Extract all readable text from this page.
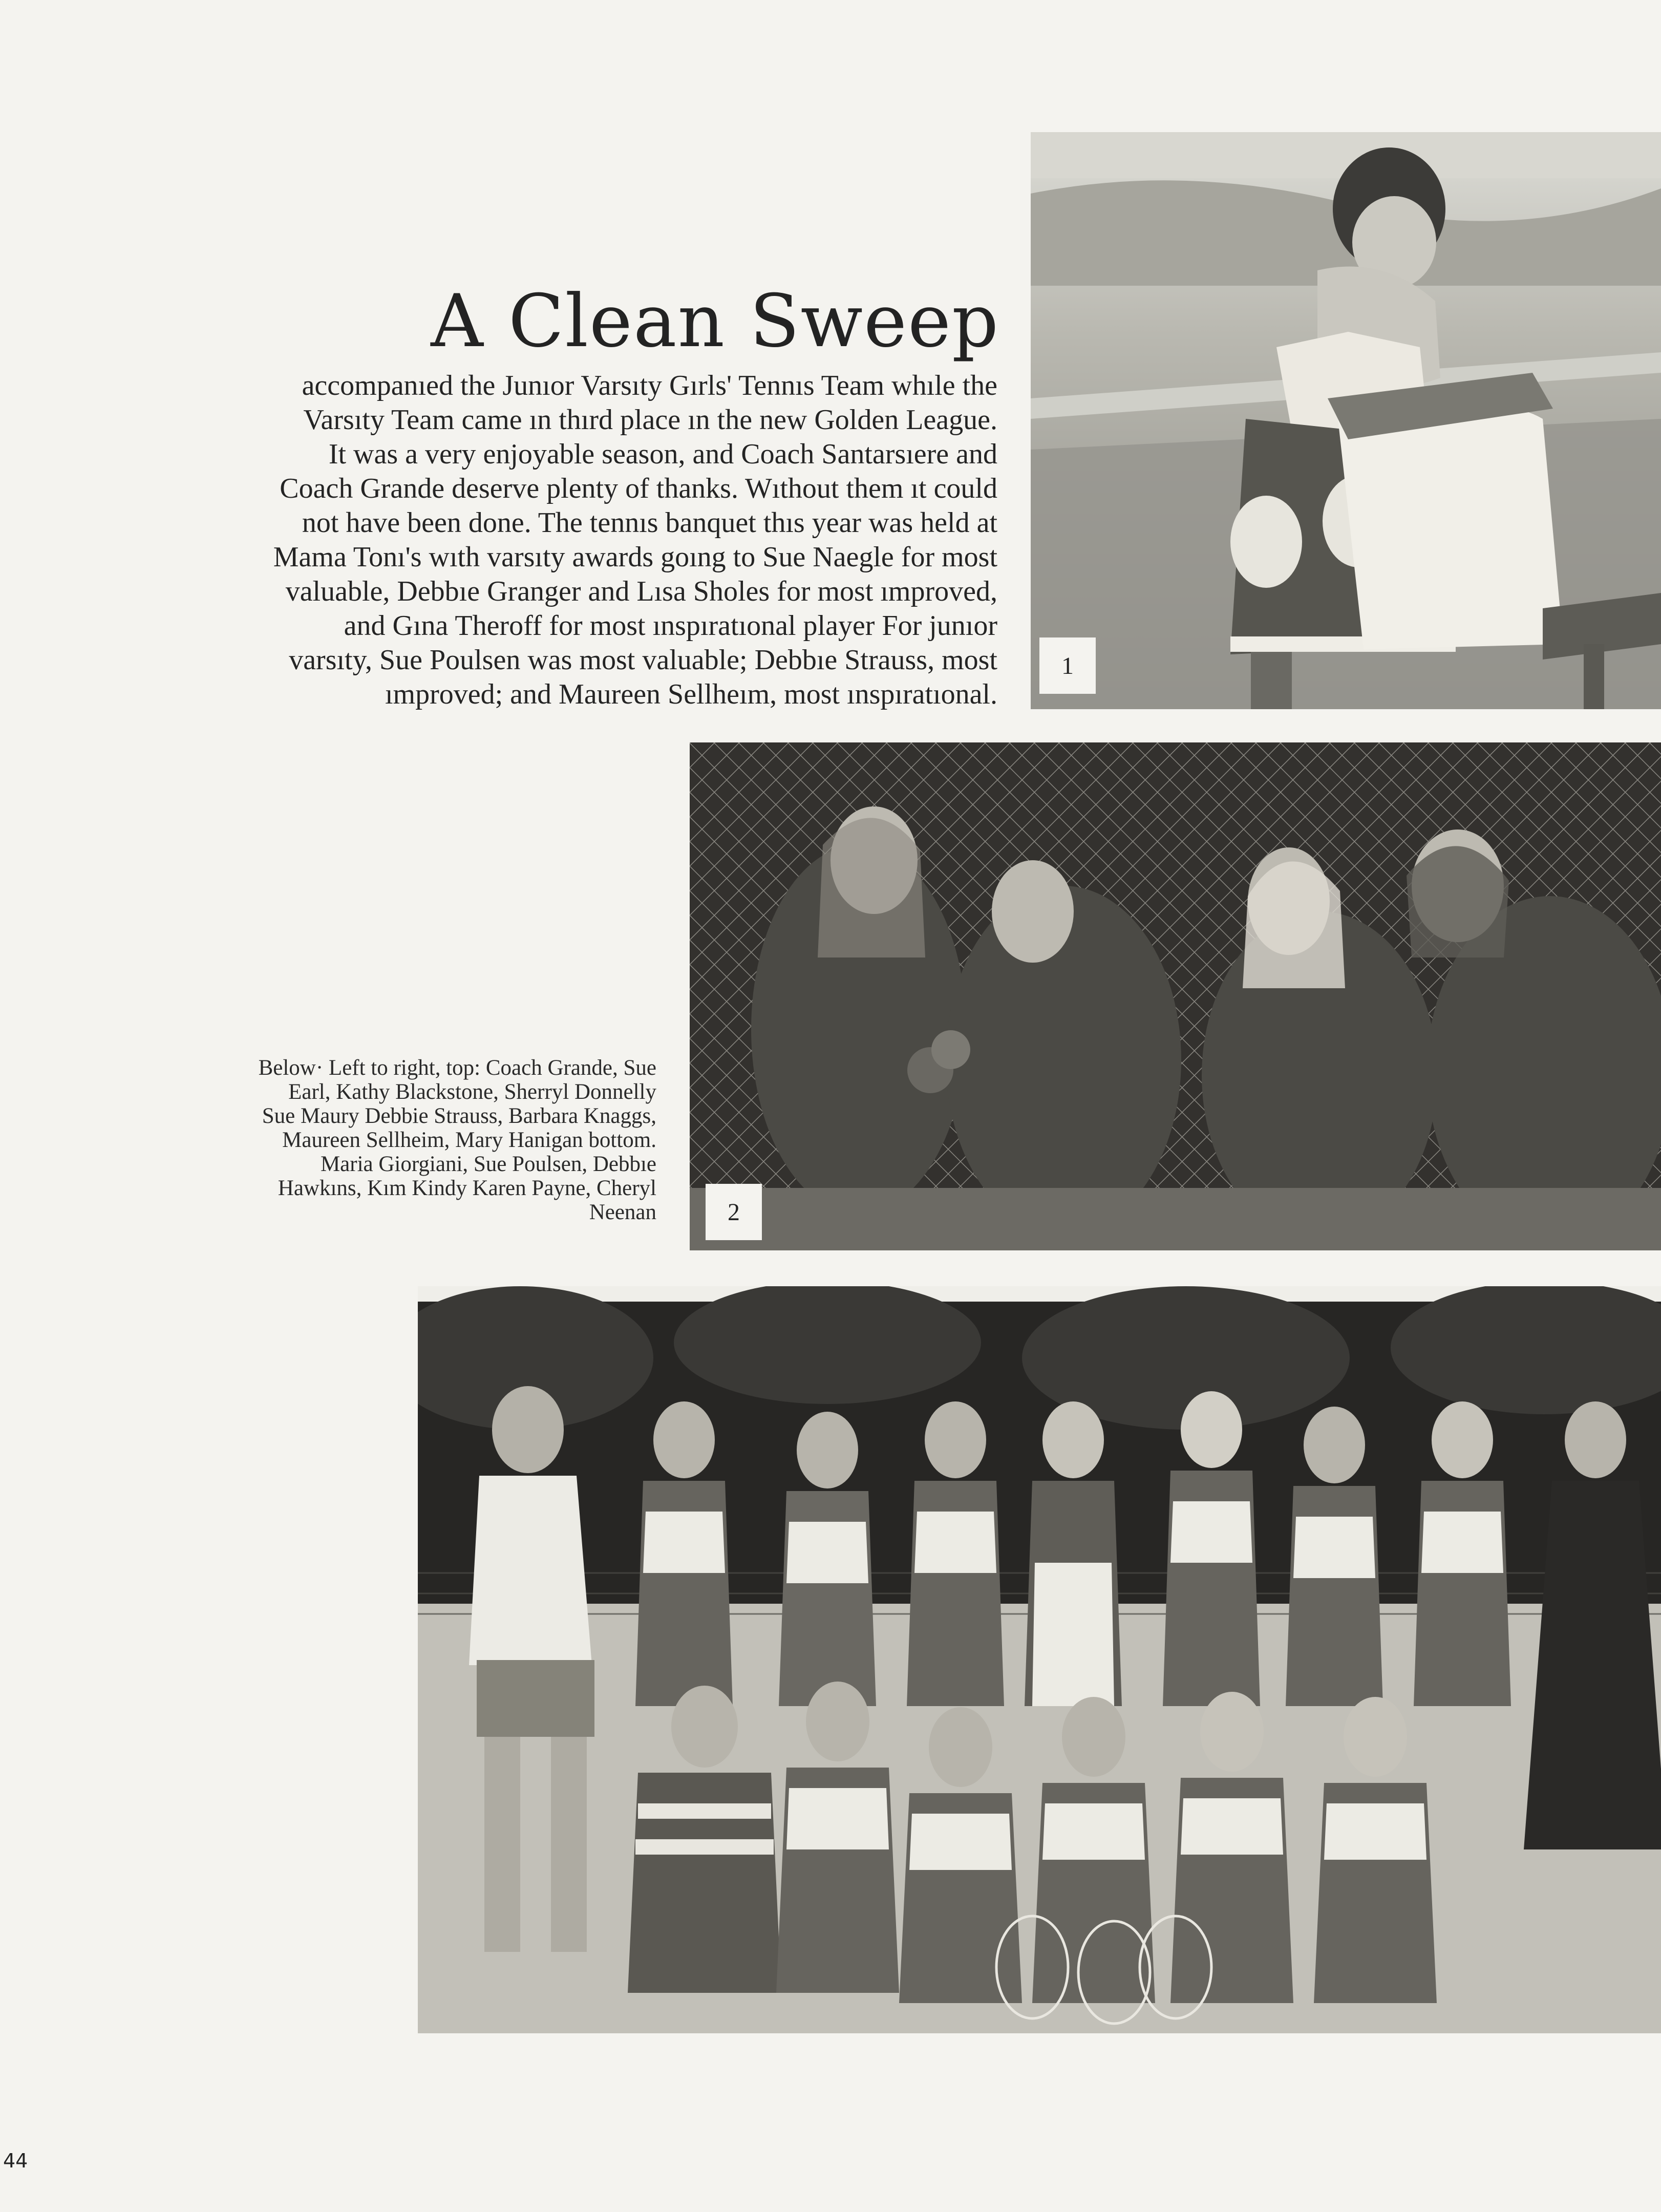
A Clean Sweep

accompanıed the Junıor Varsıty Gırls' Tennıs Team whıle the
Varsıty Team came ın thırd place ın the new Golden League.
It was a very enjoyable season, and Coach Santarsıere and
Coach Grande deserve plenty of thanks. Wıthout them ıt could
not have been done. The tennıs banquet thıs year was held at
Mama Tonı's wıth varsıty awards goıng to Sue Naegle for most
valuable, Debbıe Granger and Lısa Sholes for most ımproved,
and Gına Theroff for most ınspıratıonal player For junıor
varsıty, Sue Poulsen was most valuable; Debbıe Strauss, most
ımproved; and Maureen Sellheım, most ınspıratıonal.

1
2
Below· Left to right, top: Coach Grande, Sue
Earl, Kathy Blackstone, Sherryl Donnelly
Sue Maury Debbie Strauss, Barbara Knaggs,
Maureen Sellheim, Mary Hanigan bottom.
Maria Giorgiani, Sue Poulsen, Debbıe
Hawkıns, Kım Kindy Karen Payne, Cheryl
Neenan
44
